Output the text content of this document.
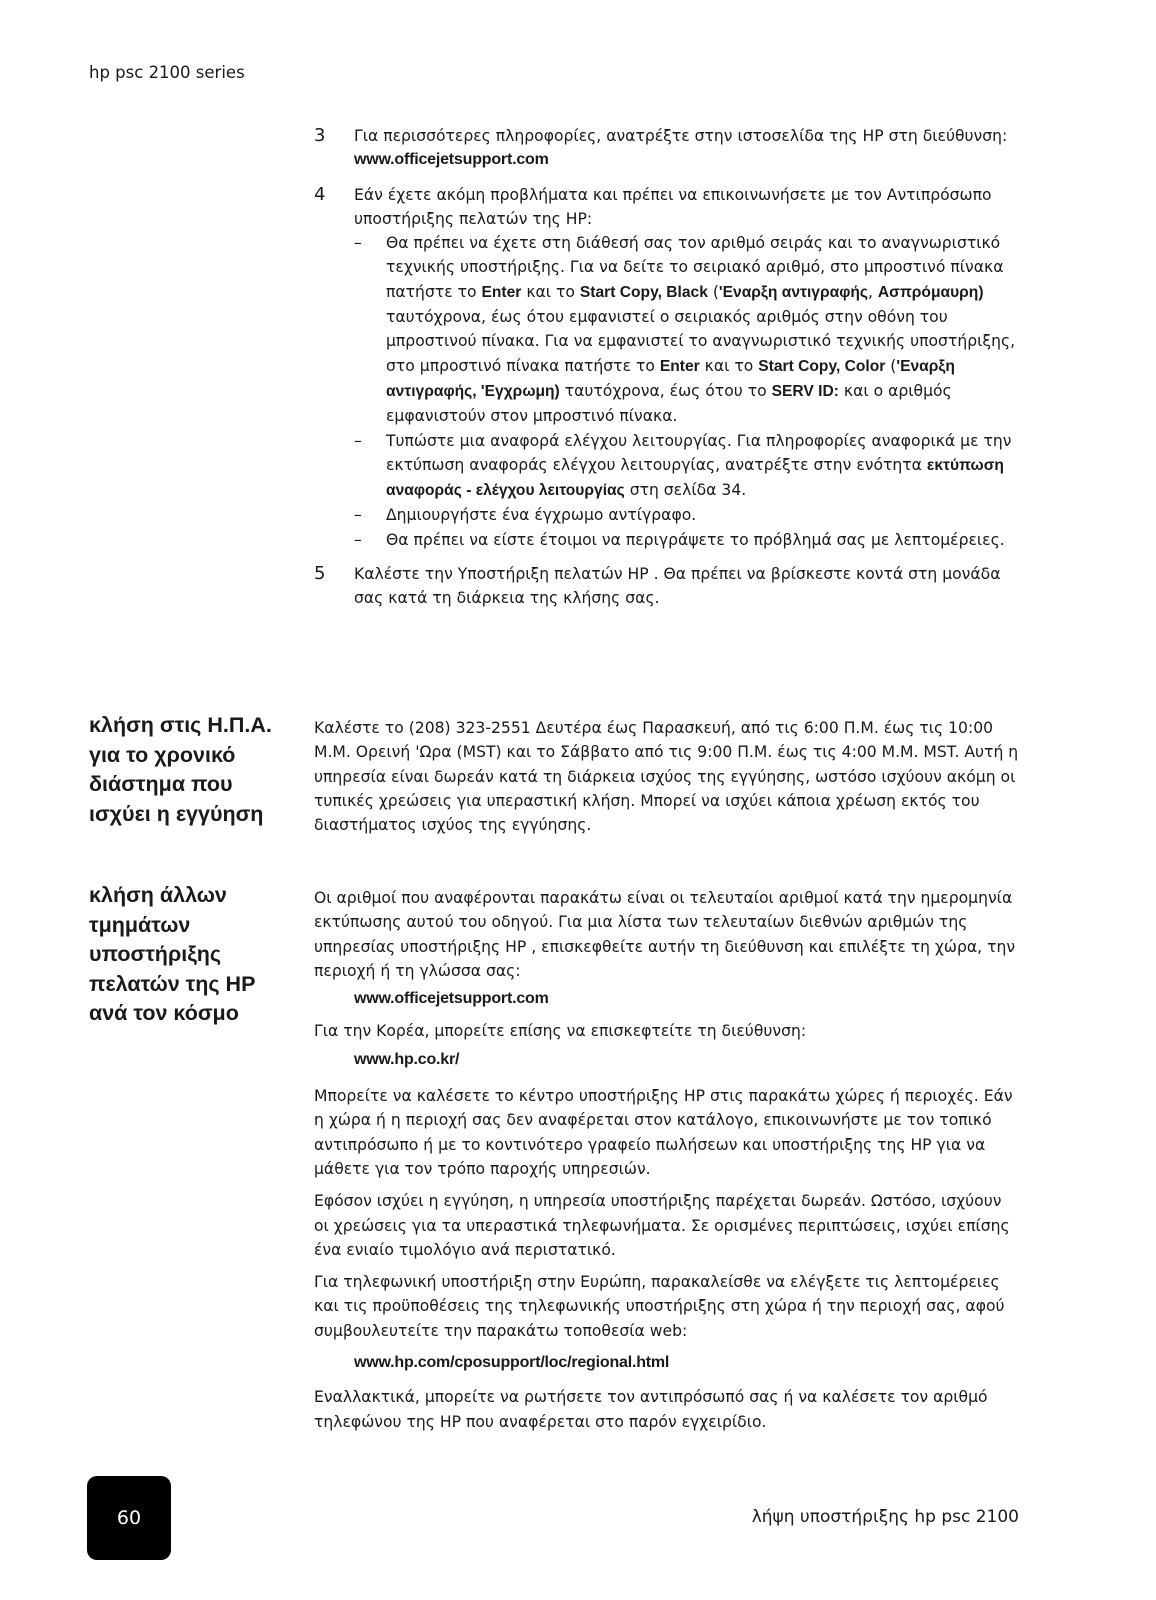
hp psc 2100 series
3	Για περισσότερες πληροφορίες, ανατρέξτε στην ιστοσελίδα της HP στη διεύθυνση:
www.officejetsupport.com
4	Εάν έχετε ακόμη προβλήματα και πρέπει να επικοινωνήσετε με τον Αντιπρόσωπο υποστήριξης πελατών της HP:
–	Θα πρέπει να έχετε στη διάθεσή σας τον αριθμό σειράς και το αναγνωριστικό τεχνικής υποστήριξης. Για να δείτε το σειριακό αριθμό, στο μπροστινό πίνακα πατήστε το Enter και το Start Copy, Black ('Εναρξη αντιγραφής, Ασπρόμαυρη) ταυτόχρονα, έως ότου εμφανιστεί ο σειριακός αριθμός στην οθόνη του μπροστινού πίνακα. Για να εμφανιστεί το αναγνωριστικό τεχνικής υποστήριξης, στο μπροστινό πίνακα πατήστε το Enter και το Start Copy, Color ('Εναρξη αντιγραφής, 'Εγχρωμη) ταυτόχρονα, έως ότου το SERV ID: και ο αριθμός εμφανιστούν στον μπροστινό πίνακα.
–	Τυπώστε μια αναφορά ελέγχου λειτουργίας. Για πληροφορίες αναφορικά με την εκτύπωση αναφοράς ελέγχου λειτουργίας, ανατρέξτε στην ενότητα εκτύπωση αναφοράς - ελέγχου λειτουργίας στη σελίδα 34.
–	Δημιουργήστε ένα έγχρωμο αντίγραφο.
–	Θα πρέπει να είστε έτοιμοι να περιγράψετε το πρόβλημά σας με λεπτομέρειες.
5	Καλέστε την Υποστήριξη πελατών HP . Θα πρέπει να βρίσκεστε κοντά στη μονάδα σας κατά τη διάρκεια της κλήσης σας.
κλήση στις Η.Π.Α. για το χρονικό διάστημα που ισχύει η εγγύηση

Καλέστε το (208) 323-2551 Δευτέρα έως Παρασκευή, από τις 6:00 Π.Μ. έως τις 10:00 Μ.Μ. Ορεινή 'Ωρα (MST) και το Σάββατο από τις 9:00 Π.Μ. έως τις 4:00 Μ.Μ. MST. Αυτή η υπηρεσία είναι δωρεάν κατά τη διάρκεια ισχύος της εγγύησης, ωστόσο ισχύουν ακόμη οι τυπικές χρεώσεις για υπεραστική κλήση. Μπορεί να ισχύει κάποια χρέωση εκτός του διαστήματος ισχύος της εγγύησης.

κλήση άλλων τμημάτων υποστήριξης πελατών της HP ανά τον κόσμο

Οι αριθμοί που αναφέρονται παρακάτω είναι οι τελευταίοι αριθμοί κατά την ημερομηνία εκτύπωσης αυτού του οδηγού. Για μια λίστα των τελευταίων διεθνών αριθμών της υπηρεσίας υποστήριξης HP , επισκεφθείτε αυτήν τη διεύθυνση και επιλέξτε τη χώρα, την περιοχή ή τη γλώσσα σας:

www.officejetsupport.com

Για την Κορέα, μπορείτε επίσης να επισκεφτείτε τη διεύθυνση:

www.hp.co.kr/

Μπορείτε να καλέσετε το κέντρο υποστήριξης HP στις παρακάτω χώρες ή περιοχές. Εάν η χώρα ή η περιοχή σας δεν αναφέρεται στον κατάλογο, επικοινωνήστε με τον τοπικό αντιπρόσωπο ή με το κοντινότερο γραφείο πωλήσεων και υποστήριξης της HP για να μάθετε για τον τρόπο παροχής υπηρεσιών.

Εφόσον ισχύει η εγγύηση, η υπηρεσία υποστήριξης παρέχεται δωρεάν. Ωστόσο, ισχύουν οι χρεώσεις για τα υπεραστικά τηλεφωνήματα. Σε ορισμένες περιπτώσεις, ισχύει επίσης ένα ενιαίο τιμολόγιο ανά περιστατικό.

Για τηλεφωνική υποστήριξη στην Ευρώπη, παρακαλείσθε να ελέγξετε τις λεπτομέρειες και τις προϋποθέσεις της τηλεφωνικής υποστήριξης στη χώρα ή την περιοχή σας, αφού συμβουλευτείτε την παρακάτω τοποθεσία web:

www.hp.com/cposupport/loc/regional.html

Εναλλακτικά, μπορείτε να ρωτήσετε τον αντιπρόσωπό σας ή να καλέσετε τον αριθμό τηλεφώνου της HP που αναφέρεται στο παρόν εγχειρίδιο.

60	λήψη υποστήριξης hp psc 2100
